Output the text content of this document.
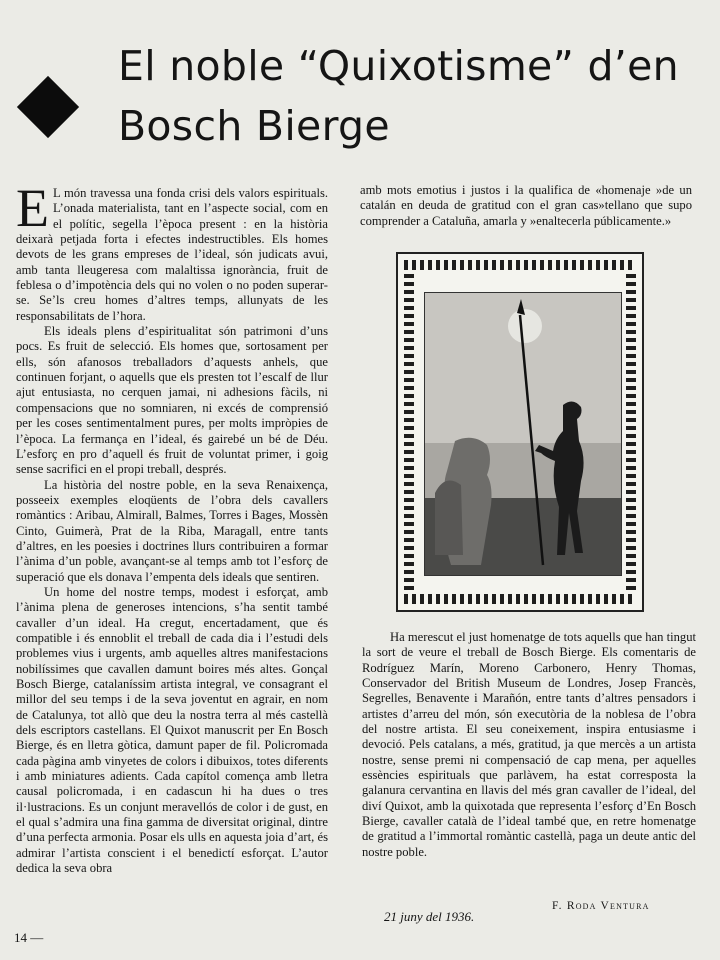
El noble “Quixotisme” d’en Bosch Bierge

E L món travessa una fonda crisi dels valors espirituals. L’onada materialista, tant en l’aspecte social, com en el polític, segella l’època present : en la història deixarà petjada forta i efectes indestructibles. Els homes devots de les grans empreses de l’ideal, són judicats avui, amb tanta lleugeresa com malaltissa ignorància, fruit de feblesa o d’impotència dels qui no volen o no poden superar-se. Se’ls creu homes d’altres temps, allunyats de les responsabilitats de l’hora.

Els ideals plens d’espiritualitat són patrimoni d’uns pocs. Es fruit de selecció. Els homes que, sortosament per ells, són afanosos treballadors d’aquests anhels, que continuen forjant, o aquells que els presten tot l’escalf de llur ajut entusiasta, no cerquen jamai, ni adhesions fàcils, ni compensacions que no somniaren, ni excés de comprensió per les coses sentimentalment pures, per molts impròpies de l’època. La fermança en l’ideal, és gairebé un bé de Déu. L’esforç en pro d’aquell és fruit de voluntat primer, i goig sense sacrifici en el propi treball, després.

La història del nostre poble, en la seva Renaixença, posseeix exemples eloqüents de l’obra dels cavallers romàntics : Aribau, Almirall, Balmes, Torres i Bages, Mossèn Cinto, Guimerà, Prat de la Riba, Maragall, entre tants d’altres, en les poesies i doctrines llurs contribuiren a formar l’ànima d’un poble, avançant-se al temps amb tot l’esforç de superació que els donava l’empenta dels ideals que sentiren.

Un home del nostre temps, modest i esforçat, amb l’ànima plena de generoses intencions, s’ha sentit també cavaller d’un ideal. Ha cregut, encertadament, que és compatible i és ennoblit el treball de cada dia i l’estudi dels problemes vius i urgents, amb aquelles altres manifestacions nobilíssimes que cavallen damunt boires més altes. Gonçal Bosch Bierge, catalaníssim artista integral, ve consagrant el millor del seu temps i de la seva joventut en agrair, en nom de Catalunya, tot allò que deu la nostra terra al més castellà dels escriptors castellans. El Quixot manuscrit per En Bosch Bierge, és en lletra gòtica, damunt paper de fil. Policromada cada pàgina amb vinyetes de colors i dibuixos, totes diferents i amb miniatures adients. Cada capítol comença amb lletra causal policromada, i en cadascun hi ha dues o tres il·lustracions. Es un conjunt meravellós de color i de gust, en el qual s’admira una fina gamma de diversitat original, dintre d’una perfecta armonia. Posar els ulls en aquesta joia d’art, és admirar l’artista conscient i el benedictí esforçat. L’autor dedica la seva obra

amb mots emotius i justos i la qualifica de «homenaje »de un catalán en deuda de gratitud con el gran cas»tellano que supo comprender a Cataluña, amarla y »enaltecerla públicamente.»

Ha merescut el just homenatge de tots aquells que han tingut la sort de veure el treball de Bosch Bierge. Els comentaris de Rodríguez Marín, Moreno Carbonero, Henry Thomas, Conservador del British Museum de Londres, Josep Francès, Segrelles, Benavente i Marañón, entre tants d’altres pensadors i artistes d’arreu del món, són executòria de la noblesa de l’obra del nostre artista. El seu coneixement, inspira entusiasme i devoció. Pels catalans, a més, gratitud, ja que mercès a un artista nostre, sense premi ni compensació de cap mena, per aquelles essències espirituals que parlàvem, ha estat corresposta la galanura cervantina en llavis del més gran cavaller de l’ideal, del diví Quixot, amb la quixotada que representa l’esforç d’En Bosch Bierge, cavaller català de l’ideal també que, en retre homenatge de gratitud a l’immortal romàntic castellà, paga un deute antic del nostre poble.

21 juny del 1936.
F. Roda Ventura
14 —
